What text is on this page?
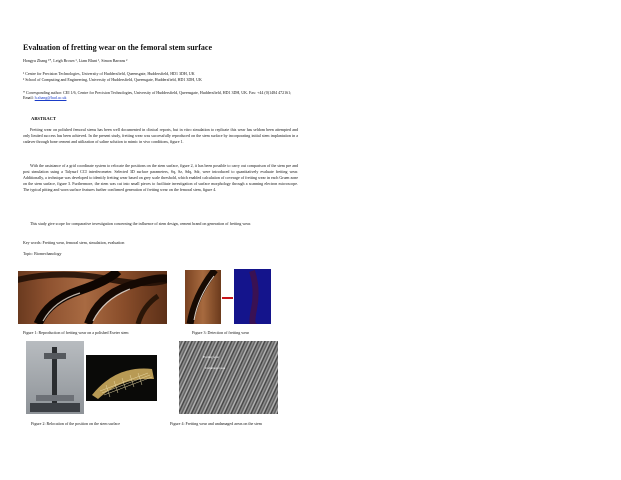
Evaluation of fretting wear on the femoral stem surface
Hongyu Zhang ¹*, Leigh Brown ¹, Liam Blunt ¹, Simon Barrans ²
¹ Centre for Precision Technologies, University of Huddersfield, Queensgate, Huddersfield, HD1 3DH, UK
² School of Computing and Engineering, University of Huddersfield, Queensgate, Huddersfield, HD1 3DH, UK
* Corresponding author: CEI 1/6, Centre for Precision Technologies, University of Huddersfield, Queensgate, Huddersfield, HD1 3DH, UK. Fax: +44 (0)1484 472161; Email: h.zhang@hud.ac.uk
ABSTRACT
Fretting wear on polished femoral stems has been well documented in clinical reports, but in vitro simulation to replicate this wear has seldom been attempted and only limited success has been achieved. In the present study, fretting wear was successfully reproduced on the stem surface by incorporating initial stem implantation in a cadaver through bone cement and utilization of saline solution to mimic in vivo conditions, figure 1.
With the assistance of a grid coordinate system to relocate the positions on the stem surface, figure 2, it has been possible to carry out comparison of the stem pre and post simulation using a Talysurf CCI interferometer. Selected 3D surface parameters, Sq, Sz, Sdq, Sdr, were introduced to quantitatively evaluate fretting wear. Additionally, a technique was developed to identify fretting wear based on grey scale threshold, which enabled calculation of coverage of fretting wear in each Gruen zone on the stem surface, figure 3. Furthermore, the stem was cut into small pieces to facilitate investigation of surface morphology through a scanning electron microscope. The typical pitting and worn surface features further confirmed generation of fretting wear on the femoral stem, figure 4.
This study give scope for comparative investigation concerning the influence of stem design, cement brand on generation of fretting wear.
Key words: Fretting wear, femoral stem, simulation, evaluation
Topic: Biomechanology
Figure 1: Reproduction of fretting wear on a polished Exeter stem	Figure 3: Detection of fretting wear
Figure 2: Relocation of the position on the stem surface
Fretting wear
Undamaged area
Figure 4: Fretting wear and undamaged areas on the stem
